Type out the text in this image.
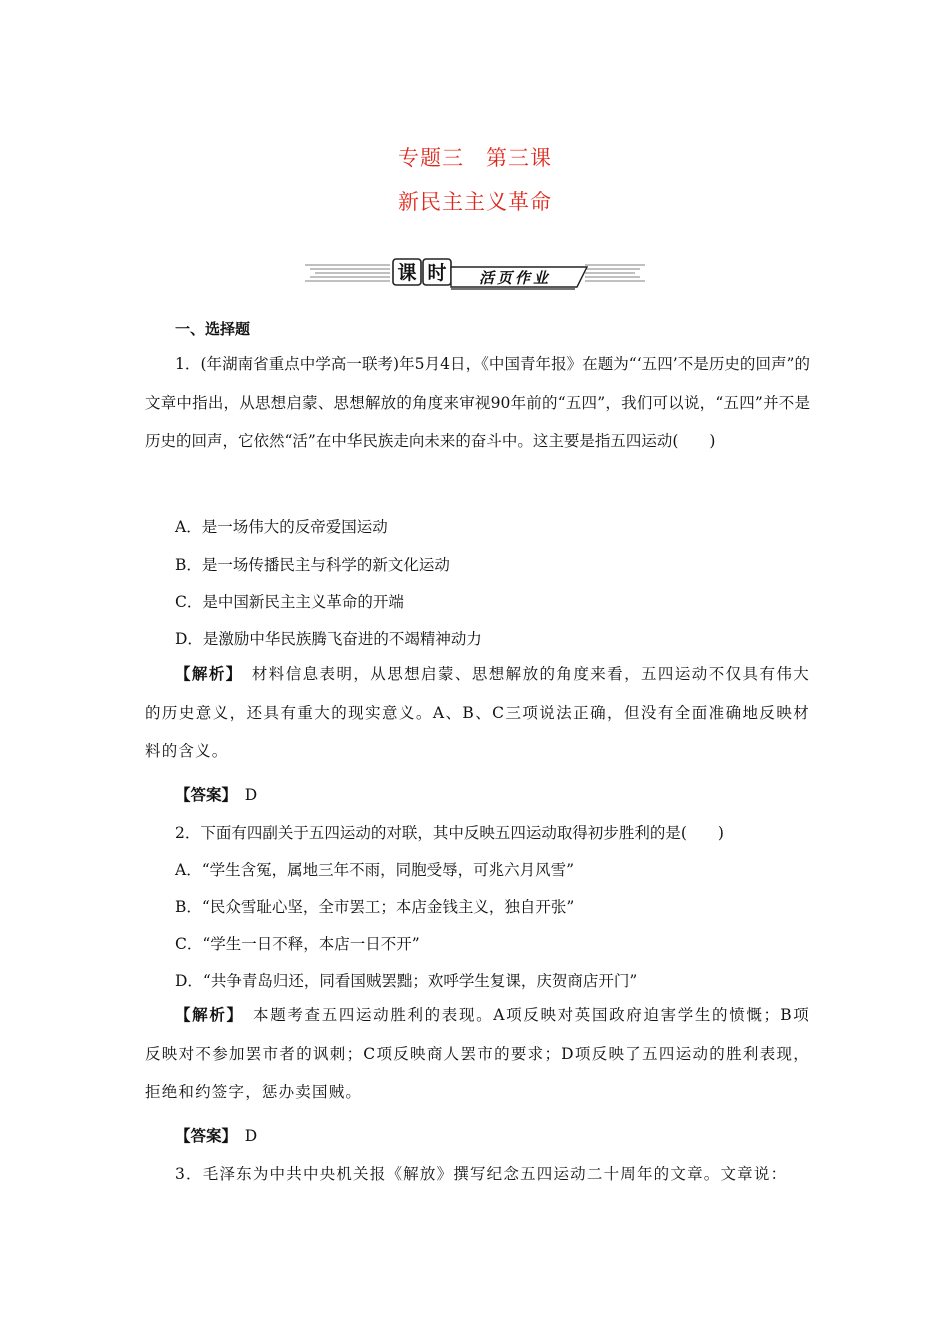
专题三　第三课
新民主主义革命
课 时 活页作业
一、选择题

1．(年湖南省重点中学高一联考)年5月4日，《中国青年报》在题为“‘五四’不是历史的回声”的文章中指出，从思想启蒙、思想解放的角度来审视90年前的“五四”，我们可以说，“五四”并不是历史的回声，它依然“活”在中华民族走向未来的奋斗中。这主要是指五四运动(　　)

A．是一场伟大的反帝爱国运动
B．是一场传播民主与科学的新文化运动
C．是中国新民主主义革命的开端
D．是激励中华民族腾飞奋进的不竭精神动力

【解析】　材料信息表明，从思想启蒙、思想解放的角度来看，五四运动不仅具有伟大的历史意义，还具有重大的现实意义。A、B、C三项说法正确，但没有全面准确地反映材料的含义。

【答案】　D
2．下面有四副关于五四运动的对联，其中反映五四运动取得初步胜利的是(　　)
A．“学生含冤，属地三年不雨，同胞受辱，可兆六月风雪”
B．“民众雪耻心坚，全市罢工；本店金钱主义，独自开张”
C．“学生一日不释，本店一日不开”
D．“共争青岛归还，同看国贼罢黜；欢呼学生复课，庆贺商店开门”

【解析】　本题考查五四运动胜利的表现。A项反映对英国政府迫害学生的愤慨；B项反映对不参加罢市者的讽刺；C项反映商人罢市的要求；D项反映了五四运动的胜利表现，拒绝和约签字，惩办卖国贼。

【答案】　D
3．毛泽东为中共中央机关报《解放》撰写纪念五四运动二十周年的文章。文章说：
